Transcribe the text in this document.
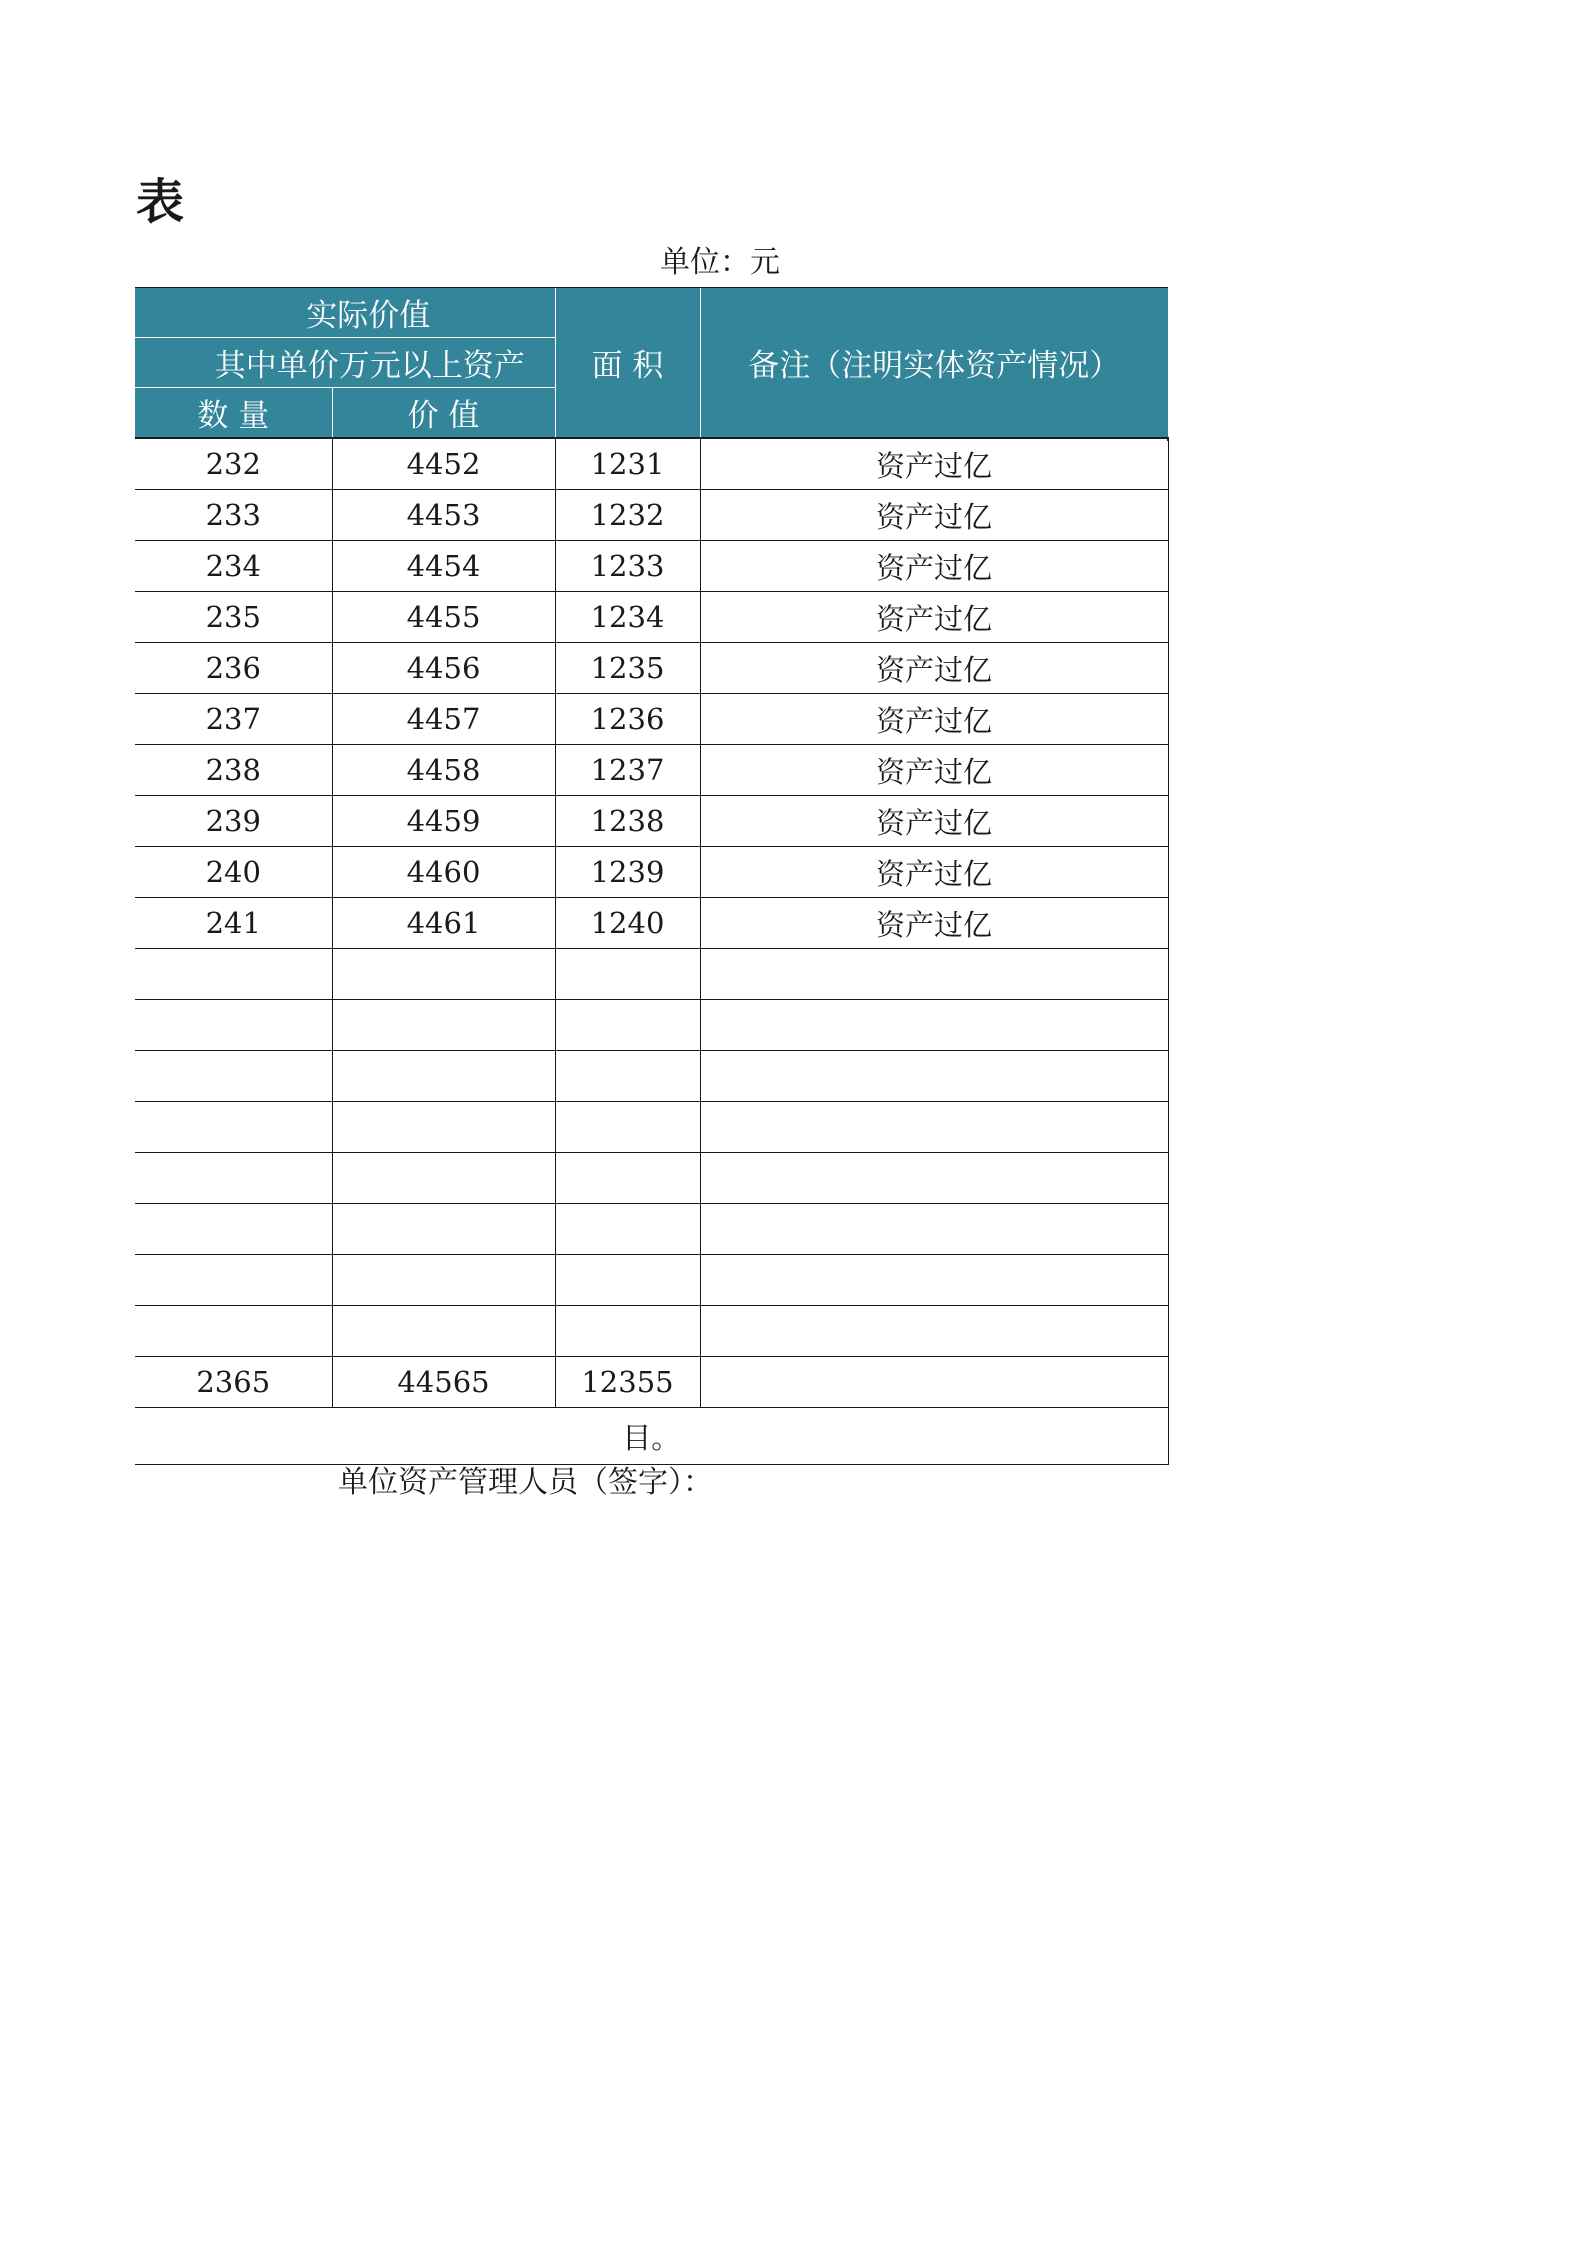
表
单位：元
实际价值		面 积	备注（注明实体资产情况）
其中单价万元以上资产			
数 量	价 值		
232	4452	1231	资产过亿
233	4453	1232	资产过亿
234	4454	1233	资产过亿
235	4455	1234	资产过亿
236	4456	1235	资产过亿
237	4457	1236	资产过亿
238	4458	1237	资产过亿
239	4459	1238	资产过亿
240	4460	1239	资产过亿
241	4461	1240	资产过亿

2365	44565	12355	
目。			
单位资产管理人员（签字）：
